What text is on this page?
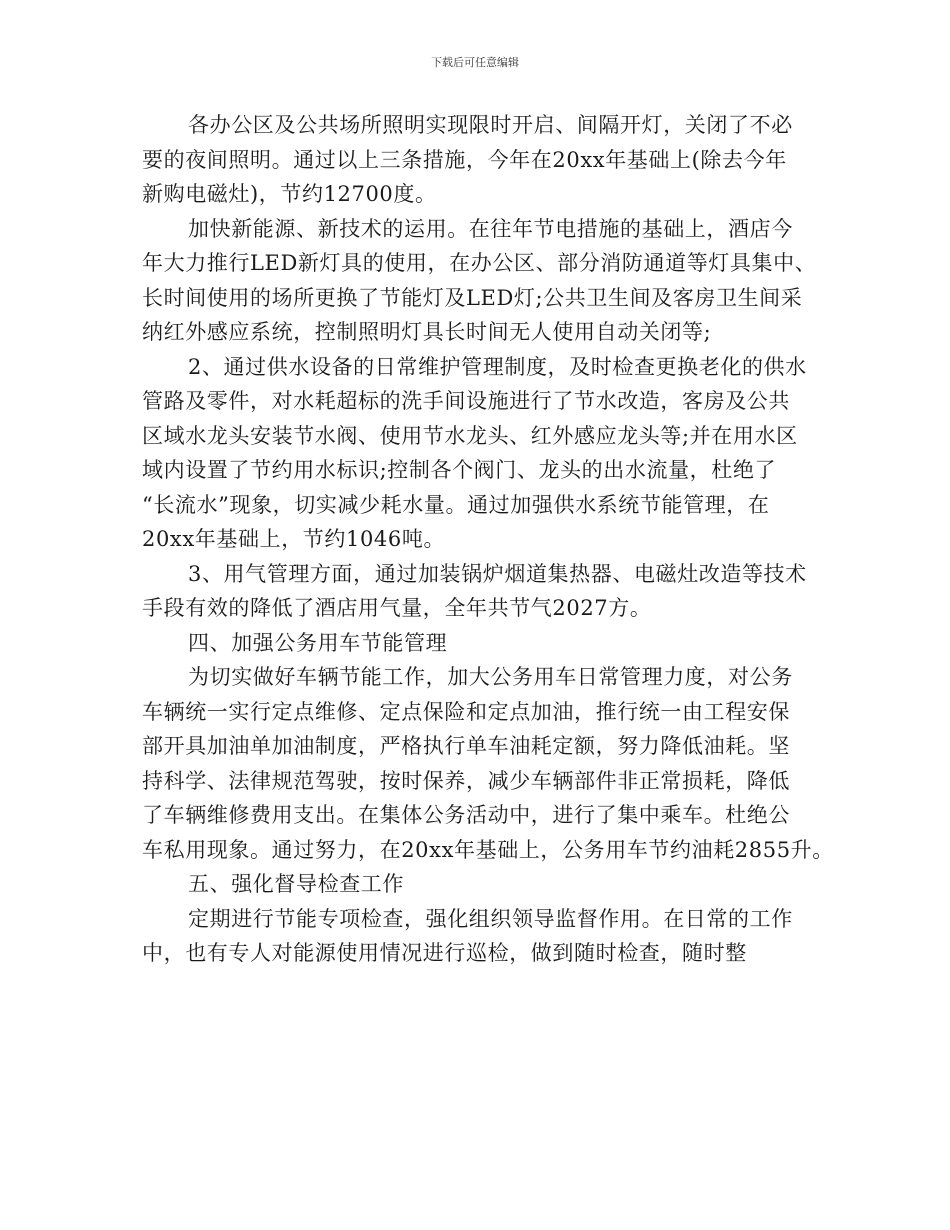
下载后可任意编辑
各办公区及公共场所照明实现限时开启、间隔开灯，关闭了不必
要的夜间照明。通过以上三条措施，今年在20xx年基础上(除去今年
新购电磁灶)，节约12700度。
加快新能源、新技术的运用。在往年节电措施的基础上，酒店今
年大力推行LED新灯具的使用，在办公区、部分消防通道等灯具集中、
长时间使用的场所更换了节能灯及LED灯;公共卫生间及客房卫生间采
纳红外感应系统，控制照明灯具长时间无人使用自动关闭等;
2、通过供水设备的日常维护管理制度，及时检查更换老化的供水
管路及零件，对水耗超标的洗手间设施进行了节水改造，客房及公共
区域水龙头安装节水阀、使用节水龙头、红外感应龙头等;并在用水区
域内设置了节约用水标识;控制各个阀门、龙头的出水流量，杜绝了
“长流水”现象，切实减少耗水量。通过加强供水系统节能管理，在
20xx年基础上，节约1046吨。
3、用气管理方面，通过加装锅炉烟道集热器、电磁灶改造等技术
手段有效的降低了酒店用气量，全年共节气2027方。
四、加强公务用车节能管理
为切实做好车辆节能工作，加大公务用车日常管理力度，对公务
车辆统一实行定点维修、定点保险和定点加油，推行统一由工程安保
部开具加油单加油制度，严格执行单车油耗定额，努力降低油耗。坚
持科学、法律规范驾驶，按时保养，减少车辆部件非正常损耗，降低
了车辆维修费用支出。在集体公务活动中，进行了集中乘车。杜绝公
车私用现象。通过努力，在20xx年基础上，公务用车节约油耗2855升。
五、强化督导检查工作
定期进行节能专项检查，强化组织领导监督作用。在日常的工作
中，也有专人对能源使用情况进行巡检，做到随时检查，随时整
